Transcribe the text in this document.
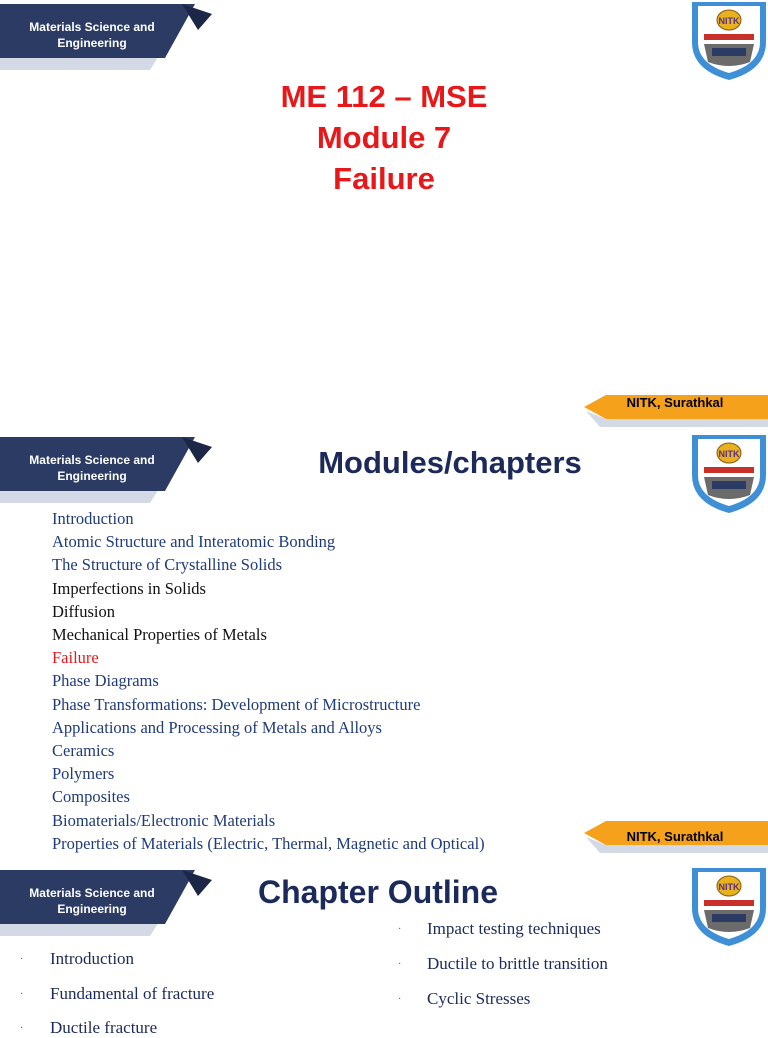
Materials Science and Engineering
NITK
ME 112 – MSE
Module 7
Failure
NITK, Surathkal
Materials Science and Engineering
NITK
Modules/chapters
Introduction
Atomic Structure and Interatomic Bonding
The Structure of Crystalline Solids
Imperfections in Solids
Diffusion
Mechanical Properties of Metals
Failure
Phase Diagrams
Phase Transformations: Development of Microstructure
Applications and Processing of Metals and Alloys
Ceramics
Polymers
Composites
Biomaterials/Electronic Materials
Properties of Materials (Electric, Thermal, Magnetic and Optical)	NITK, Surathkal
Materials Science and Engineering
NITK
Chapter Outline
· Impact testing techniques
· Ductile to brittle transition
· Cyclic Stresses
· Introduction
· Fundamental of fracture
· Ductile fracture
